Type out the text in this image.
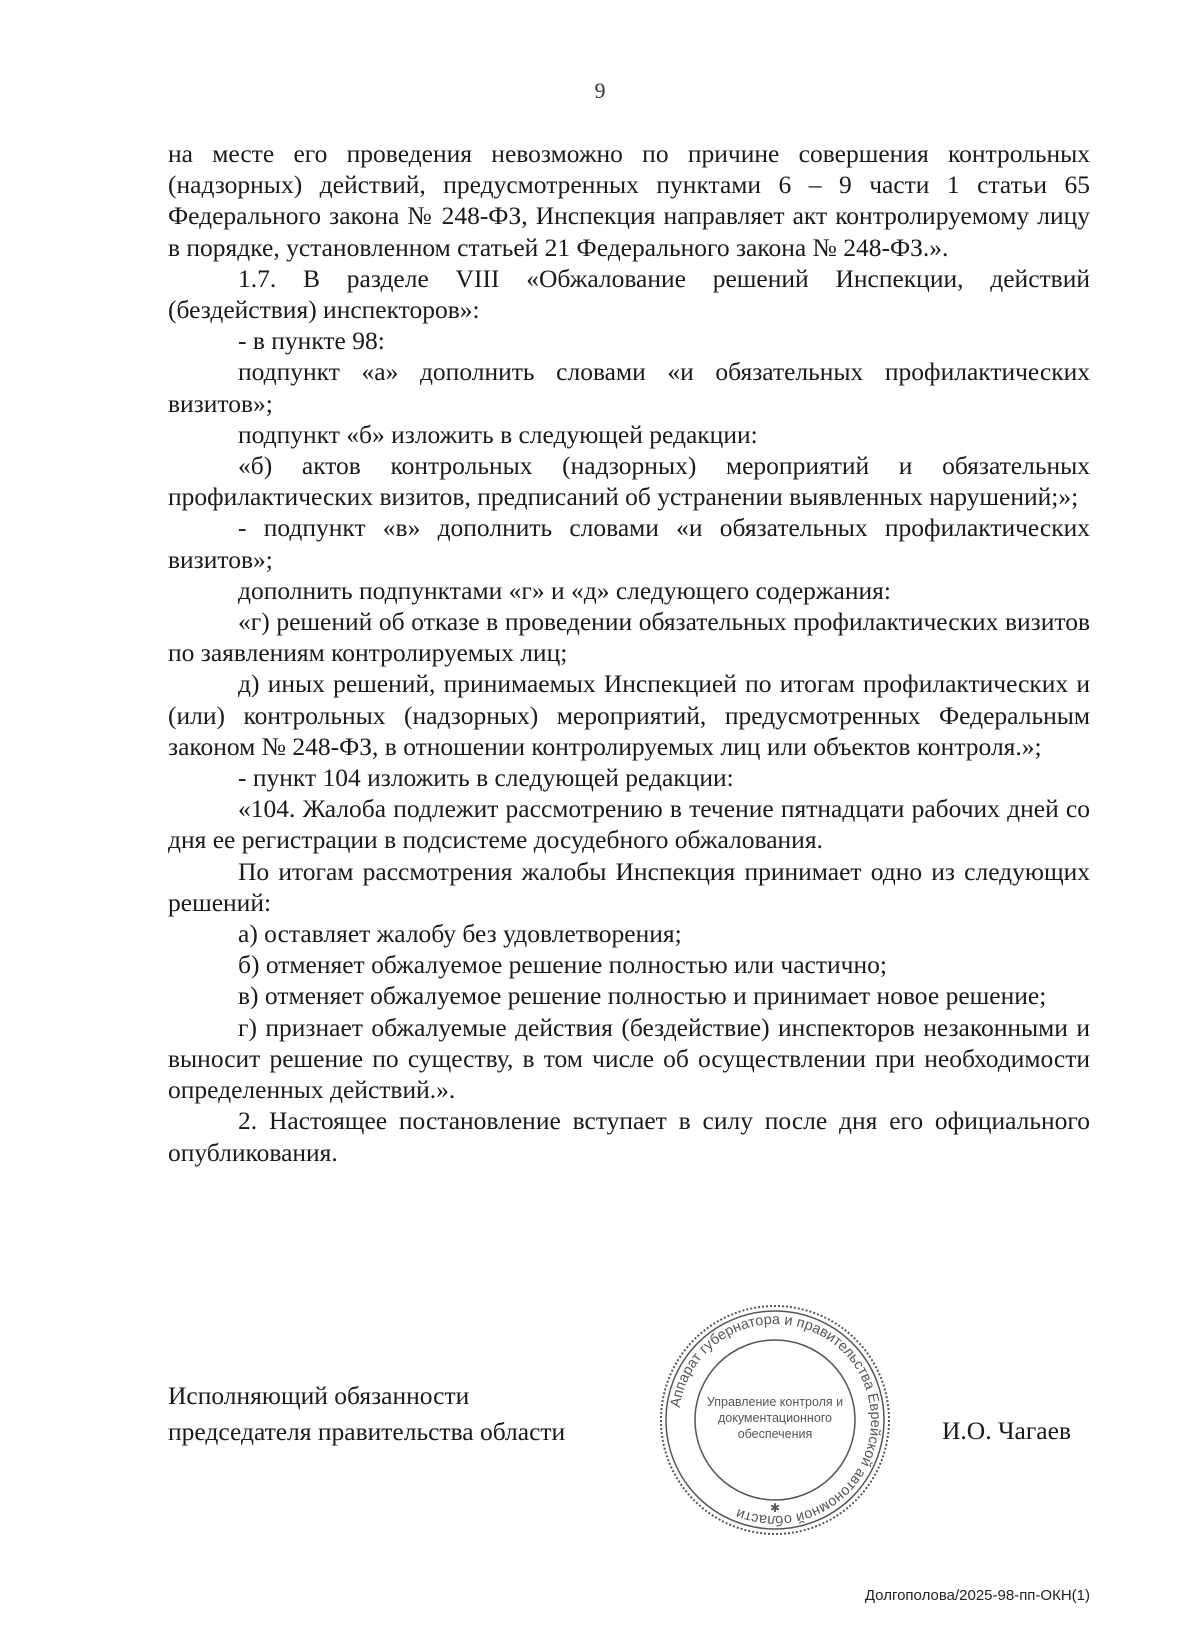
9

на месте его проведения невозможно по причине совершения контрольных (надзорных) действий, предусмотренных пунктами 6 – 9 части 1 статьи 65 Федерального закона № 248-ФЗ, Инспекция направляет акт контролируемому лицу в порядке, установленном статьей 21 Федерального закона № 248-ФЗ.».

1.7. В разделе VIII «Обжалование решений Инспекции, действий (бездействия) инспекторов»:

- в пункте 98:

подпункт «а» дополнить словами «и обязательных профилактических визитов»;

подпункт «б» изложить в следующей редакции:

«б) актов контрольных (надзорных) мероприятий и обязательных профилактических визитов, предписаний об устранении выявленных нарушений;»;

- подпункт «в» дополнить словами «и обязательных профилактических визитов»;

дополнить подпунктами «г» и «д» следующего содержания:

«г) решений об отказе в проведении обязательных профилактических визитов по заявлениям контролируемых лиц;

д) иных решений, принимаемых Инспекцией по итогам профилактических и (или) контрольных (надзорных) мероприятий, предусмотренных Федеральным законом № 248-ФЗ, в отношении контролируемых лиц или объектов контроля.»;

- пункт 104 изложить в следующей редакции:

«104. Жалоба подлежит рассмотрению в течение пятнадцати рабочих дней со дня ее регистрации в подсистеме досудебного обжалования.

По итогам рассмотрения жалобы Инспекция принимает одно из следующих решений:

а) оставляет жалобу без удовлетворения;

б) отменяет обжалуемое решение полностью или частично;

в) отменяет обжалуемое решение полностью и принимает новое решение;

г) признает обжалуемые действия (бездействие) инспекторов незаконными и выносит решение по существу, в том числе об осуществлении при необходимости определенных действий.».

2. Настоящее постановление вступает в силу после дня его официального опубликования.

Исполняющий обязанности
председателя правительства области	И.О. Чагаев
Аппарат губернатора и правительства Еврейской автономной области
Управление контроля и
документационного
обеспечения
✱
Долгополова/2025-98-пп-ОКН(1)
